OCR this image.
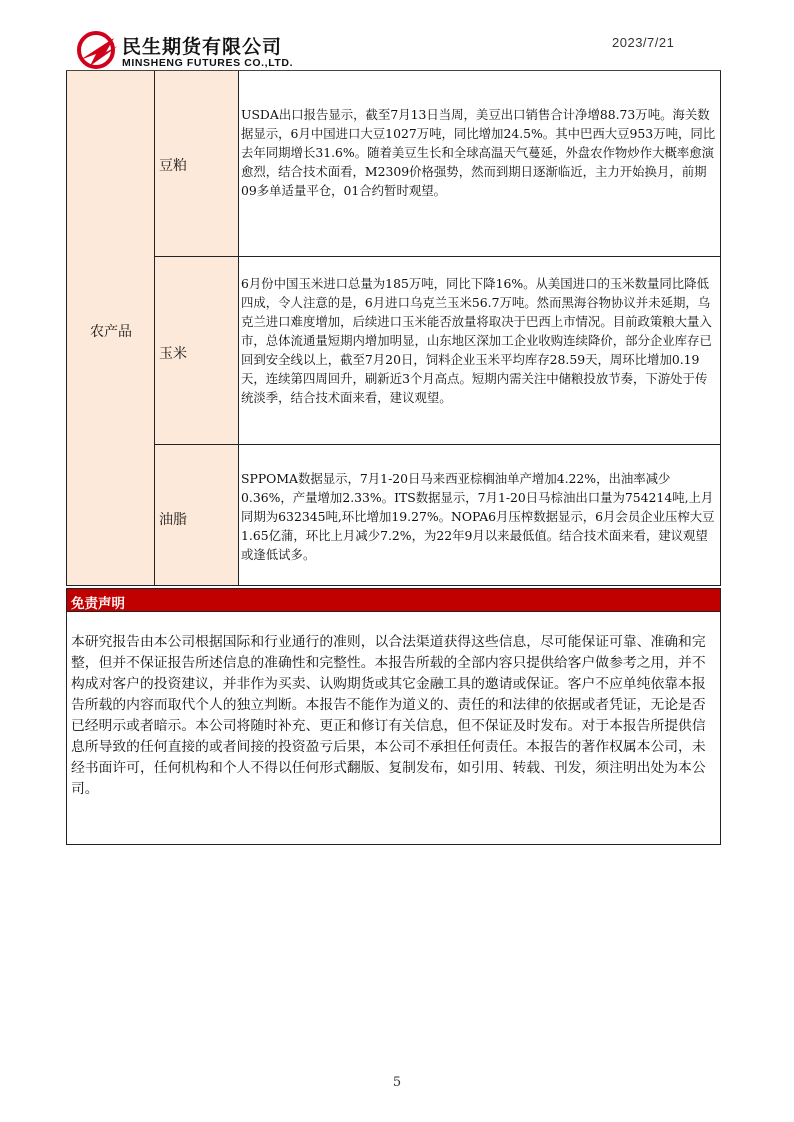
民生期货有限公司
MINSHENG FUTURES CO.,LTD.
2023/7/21
农产品
豆粕
玉米
油脂
USDA出口报告显示，截至7月13日当周，美豆出口销售合计净增88.73万吨。海关数据显示，6月中国进口大豆1027万吨，同比增加24.5%。其中巴西大豆953万吨，同比去年同期增长31.6%。随着美豆生长和全球高温天气蔓延，外盘农作物炒作大概率愈演愈烈，结合技术面看，M2309价格强势，然而到期日逐渐临近，主力开始换月，前期09多单适量平仓，01合约暂时观望。
6月份中国玉米进口总量为185万吨，同比下降16%。从美国进口的玉米数量同比降低四成，令人注意的是，6月进口乌克兰玉米56.7万吨。然而黑海谷物协议并未延期，乌克兰进口难度增加，后续进口玉米能否放量将取决于巴西上市情况。目前政策粮大量入市，总体流通量短期内增加明显，山东地区深加工企业收购连续降价，部分企业库存已回到安全线以上，截至7月20日，饲料企业玉米平均库存28.59天，周环比增加0.19天，连续第四周回升，刷新近3个月高点。短期内需关注中储粮投放节奏，下游处于传统淡季，结合技术面来看，建议观望。
SPPOMA数据显示，7月1-20日马来西亚棕榈油单产增加4.22%，出油率减少0.36%，产量增加2.33%。ITS数据显示，7月1-20日马棕油出口量为754214吨,上月同期为632345吨,环比增加19.27%。NOPA6月压榨数据显示，6月会员企业压榨大豆1.65亿蒲，环比上月减少7.2%，为22年9月以来最低值。结合技术面来看，建议观望或逢低试多。
免责声明
本研究报告由本公司根据国际和行业通行的准则，以合法渠道获得这些信息，尽可能保证可靠、准确和完整，但并不保证报告所述信息的准确性和完整性。本报告所载的全部内容只提供给客户做参考之用，并不构成对客户的投资建议，并非作为买卖、认购期货或其它金融工具的邀请或保证。客户不应单纯依靠本报告所载的内容而取代个人的独立判断。本报告不能作为道义的、责任的和法律的依据或者凭证，无论是否已经明示或者暗示。本公司将随时补充、更正和修订有关信息，但不保证及时发布。对于本报告所提供信息所导致的任何直接的或者间接的投资盈亏后果，本公司不承担任何责任。本报告的著作权属本公司，未经书面许可，任何机构和个人不得以任何形式翻版、复制发布，如引用、转载、刊发，须注明出处为本公司。
5
